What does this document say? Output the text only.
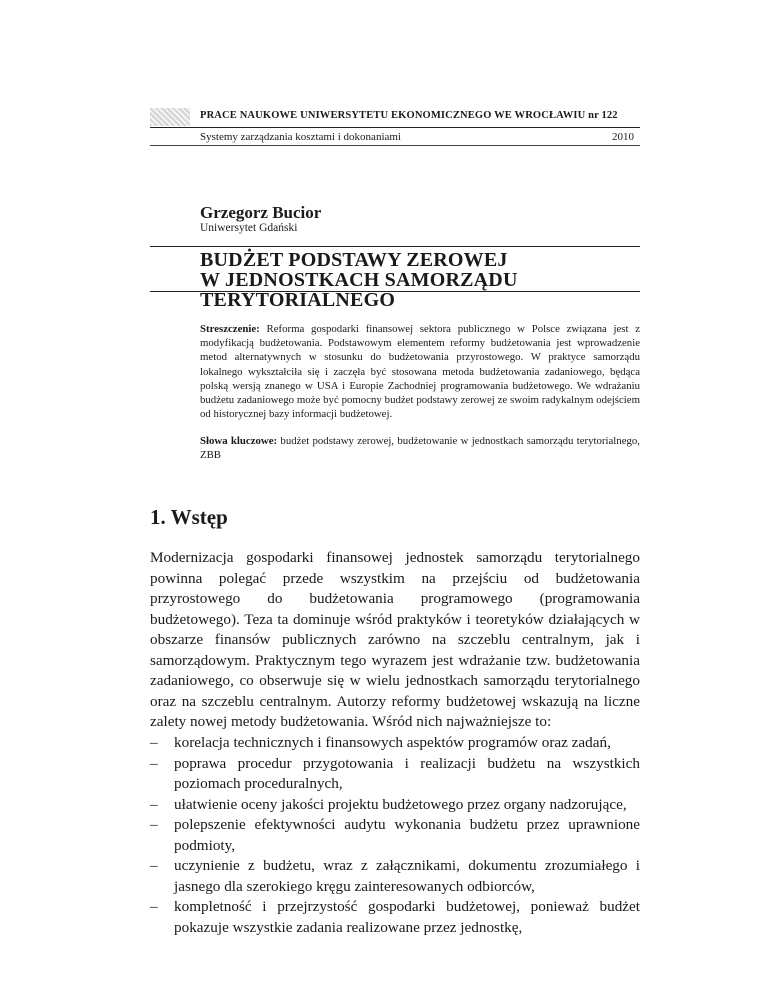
PRACE NAUKOWE UNIWERSYTETU EKONOMICZNEGO WE WROCŁAWIU nr 122
Systemy zarządzania kosztami i dokonaniami	2010
Grzegorz Bucior
Uniwersytet Gdański
BUDŻET PODSTAWY ZEROWEJ
W JEDNOSTKACH SAMORZĄDU TERYTORIALNEGO
Streszczenie: Reforma gospodarki finansowej sektora publicznego w Polsce związana jest z modyfikacją budżetowania. Podstawowym elementem reformy budżetowania jest wprowadzenie metod alternatywnych w stosunku do budżetowania przyrostowego. W praktyce samorządu lokalnego wykształciła się i zaczęła być stosowana metoda budżetowania zadaniowego, będąca polską wersją znanego w USA i Europie Zachodniej programowania budżetowego. We wdrażaniu budżetu zadaniowego może być pomocny budżet podstawy zerowej ze swoim radykalnym odejściem od historycznej bazy informacji budżetowej.
Słowa kluczowe: budżet podstawy zerowej, budżetowanie w jednostkach samorządu terytorialnego, ZBB
1. Wstęp
Modernizacja gospodarki finansowej jednostek samorządu terytorialnego powinna polegać przede wszystkim na przejściu od budżetowania przyrostowego do budżetowania programowego (programowania budżetowego). Teza ta dominuje wśród praktyków i teoretyków działających w obszarze finansów publicznych zarówno na szczeblu centralnym, jak i samorządowym. Praktycznym tego wyrazem jest wdrażanie tzw. budżetowania zadaniowego, co obserwuje się w wielu jednostkach samorządu terytorialnego oraz na szczeblu centralnym. Autorzy reformy budżetowej wskazują na liczne zalety nowej metody budżetowania. Wśród nich najważniejsze to:
– korelacja technicznych i finansowych aspektów programów oraz zadań,
– poprawa procedur przygotowania i realizacji budżetu na wszystkich poziomach proceduralnych,
– ułatwienie oceny jakości projektu budżetowego przez organy nadzorujące,
– polepszenie efektywności audytu wykonania budżetu przez uprawnione podmioty,
– uczynienie z budżetu, wraz z załącznikami, dokumentu zrozumiałego i jasnego dla szerokiego kręgu zainteresowanych odbiorców,
– kompletność i przejrzystość gospodarki budżetowej, ponieważ budżet pokazuje wszystkie zadania realizowane przez jednostkę,
